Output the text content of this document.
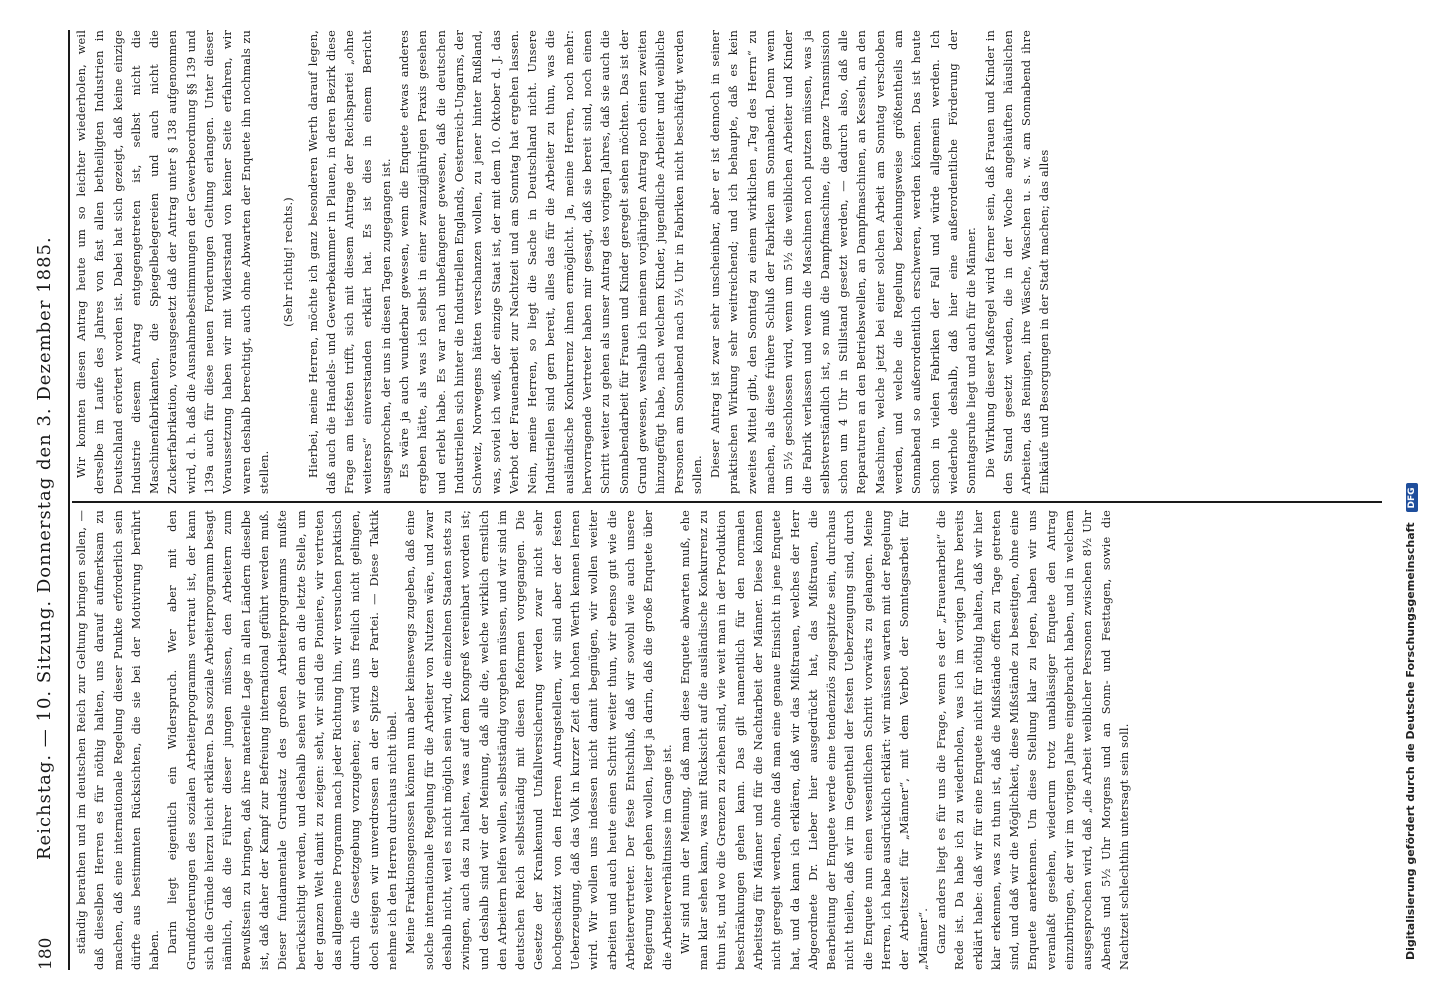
180
Reichstag. — 10. Sitzung. Donnerstag den 3. Dezember 1885. ständig berathen und im deutschen Reich zur Geltung bringen sollen, — daß dieselben Herren es für nöthig halten, uns darauf aufmerksam zu machen, daß eine internationale Regelung dieser Punkte erforderlich sein dürfte aus bestimmten Rücksichten, die sie bei der Motivirung berührt haben. Darin liegt eigentlich ein Widerspruch. Wer aber mit den Grundforderungen des sozialen Arbeiterprogramms vertraut ist, der kann sich die Gründe hierzu leicht erklären. Das soziale Arbeiterprogramm besagt nämlich, daß die Führer dieser jungen müssen, den Arbeitern zum Bewußtsein zu bringen, daß ihre materielle Lage in allen Ländern dieselbe ist, daß daher der Kampf zur Befreiung international geführt werden muß. Dieser fundamentale Grundsatz des großen Arbeiterprogramms mußte berücksichtigt werden, und deshalb sehen wir denn an die letzte Stelle, um der ganzen Welt damit zu zeigen: seht, wir sind die Pioniere, wir vertreten das allgemeine Programm nach jeder Richtung hin, wir versuchen praktisch durch die Gesetzgebung vorzugehen; es wird uns freilich nicht gelingen, doch steigen wir unverdrossen an der Spitze der Partei. — Diese Taktik nehme ich den Herren durchaus nicht übel. Meine Fraktionsgenossen können nun aber keineswegs zugeben, daß eine solche internationale Regelung für die Arbeiter von Nutzen wäre, und zwar deshalb nicht, weil es nicht möglich sein wird, die einzelnen Staaten stets zu zwingen, auch das zu halten, was auf dem Kongreß vereinbart worden ist; und deshalb sind wir der Meinung, daß alle die, welche wirklich ernstlich den Arbeitern helfen wollen, selbstständig vorgehen müssen, und wir sind im deutschen Reich selbstständig mit diesen Reformen vorgegangen. Die Gesetze der Krankenund Unfallversicherung werden zwar nicht sehr hochgeschätzt von den Herren Antragstellern, wir sind aber der festen Ueberzeugung, daß das Volk in kurzer Zeit den hohen Werth kennen lernen wird. Wir wollen uns indessen nicht damit begnügen, wir wollen weiter arbeiten und auch heute einen Schritt weiter thun, wir ebenso gut wie die Arbeitervertreter. Der feste Entschluß, daß wir sowohl wie auch unsere Regierung weiter gehen wollen, liegt ja darin, daß die große Enquete über die Arbeiterverhältnisse im Gange ist. Wir sind nun der Meinung, daß man diese Enquete abwarten muß, ehe man klar sehen kann, was mit Rücksicht auf die ausländische Konkurrenz zu thun ist, und wo die Grenzen zu ziehen sind, wie weit man in der Produktion beschränkungen gehen kann. Das gilt namentlich für den normalen Arbeitstag für Männer und für die Nachtarbeit der Männer. Diese können nicht geregelt werden, ohne daß man eine genaue Einsicht in jene Enquete hat, und da kann ich erklären, daß wir das Mißtrauen, welches der Herr Abgeordnete Dr. Lieber hier ausgedrückt hat, das Mißtrauen, die Bearbeitung der Enquete werde eine tendenziös zugespitzte sein, durchaus nicht theilen, daß wir im Gegentheil der festen Ueberzeugung sind, durch die Enquete nun einen wesentlichen Schritt vorwärts zu gelangen. Meine Herren, ich habe ausdrücklich erklärt: wir müssen warten mit der Regelung der Arbeitszeit für „Männer“, mit dem Verbot der Sonntagsarbeit für „Männer“. Ganz anders liegt es für uns die Frage, wenn es der „Frauenarbeit“ die Rede ist. Da habe ich zu wiederholen, was ich im vorigen Jahre bereits erklärt habe: daß wir für eine Enquete nicht für nöthig halten, daß wir hier klar erkennen, was zu thun ist, daß die Mißstände offen zu Tage getreten sind, und daß wir die Möglichkeit, diese Mißstände zu beseitigen, ohne eine Enquete anerkennen. Um diese Stellung klar zu legen, haben wir uns veranlaßt gesehen, wiederum trotz unablässiger Enquete den Antrag einzubringen, der wir im vorigen Jahre eingebracht haben, und in welchem ausgesprochen wird, daß „die Arbeit weiblicher Personen zwischen 8½ Uhr Abends und 5½ Uhr Morgens und an Sonn- und Festtagen, sowie die Nachtzeit schlechthin untersagt sein soll.

Wir konnten diesen Antrag heute um so leichter wiederholen, weil derselbe im Laufe des Jahres von fast allen betheiligten Industrien in Deutschland erörtert worden ist. Dabei hat sich gezeigt, daß keine einzige Industrie diesem Antrag entgegengetreten ist, selbst nicht die Maschinenfabrikanten, die Spiegelbelegereien und auch nicht die Zuckerfabrikation, vorausgesetzt daß der Antrag unter § 138 aufgenommen wird, d. h. daß die Ausnahmebestimmungen der Gewerbeordnung §§ 139 und 139a auch für diese neuen Forderungen Geltung erlangen. Unter dieser Voraussetzung haben wir mit Widerstand von keiner Seite erfahren, wir waren deshalb berechtigt, auch ohne Abwarten der Enquete ihn nochmals zu stellen.

(Sehr richtig! rechts.) Hierbei, meine Herren, möchte ich ganz besonderen Werth darauf legen, daß auch die Handels- und Gewerbekammer in Plauen, in deren Bezirk diese Frage am tiefsten trifft, sich mit diesem Antrage der Reichspartei „ohne weiteres“ einverstanden erklärt hat. Es ist dies in einem Bericht ausgesprochen, der uns in diesen Tagen zugegangen ist. Es wäre ja auch wunderbar gewesen, wenn die Enquete etwas anderes ergeben hätte, als was ich selbst in einer zwanzigjährigen Praxis gesehen und erlebt habe. Es war nach unbefangener gewesen, daß die deutschen Industriellen sich hinter die Industriellen Englands, Oesterreich-Ungarns, der Schweiz, Norwegens hätten verschanzen wollen, zu jener hinter Rußland, was, soviel ich weiß, der einzige Staat ist, der mit dem 10. Oktober d. J. das Verbot der Frauenarbeit zur Nachtzeit und am Sonntag hat ergehen lassen. Nein, meine Herren, so liegt die Sache in Deutschland nicht. Unsere Industriellen sind gern bereit, alles das für die Arbeiter zu thun, was die ausländische Konkurrenz ihnen ermöglicht. Ja, meine Herren, noch mehr: hervorragende Vertreter haben mir gesagt, daß sie bereit sind, noch einen Schritt weiter zu gehen als unser Antrag des vorigen Jahres, daß sie auch die Sonnabendarbeit für Frauen und Kinder geregelt sehen möchten. Das ist der Grund gewesen, weshalb ich meinem vorjährigen Antrag noch einen zweiten hinzugefügt habe, nach welchem Kinder, jugendliche Arbeiter und weibliche Personen am Sonnabend nach 5½ Uhr in Fabriken nicht beschäftigt werden sollen. Dieser Antrag ist zwar sehr unscheinbar, aber er ist dennoch in seiner praktischen Wirkung sehr weitreichend; und ich behaupte, daß es kein zweites Mittel gibt, den Sonntag zu einem wirklichen „Tag des Herrn“ zu machen, als diese frühere Schluß der Fabriken am Sonnabend. Denn wenn um 5½ geschlossen wird, wenn um 5½ die weiblichen Arbeiter und Kinder die Fabrik verlassen und wenn die Maschinen noch putzen müssen, was ja selbstverständlich ist, so muß die Dampfmaschine, die ganze Transmission schon um 4 Uhr in Stillstand gesetzt werden, — dadurch also, daß alle Reparaturen an den Betriebswellen, an Dampfmaschinen, an Kesseln, an den Maschinen, welche jetzt bei einer solchen Arbeit am Sonntag verschoben werden, und welche die Regelung beziehungsweise größtentheils am Sonnabend so außerordentlich erschweren, werden können. Das ist heute schon in vielen Fabriken der Fall und würde allgemein werden. Ich wiederhole deshalb, daß hier eine außerordentliche Förderung der Sonntagsruhe liegt und auch für die Männer. Die Wirkung dieser Maßregel wird ferner sein, daß Frauen und Kinder in den Stand gesetzt werden, die in der Woche angehäuften häuslichen Arbeiten, das Reinigen, ihre Wäsche, Waschen u. s. w. am Sonnabend ihre Einkäufe und Besorgungen in der Stadt machen; das alles

Digitalisierung gefördert durch die Deutsche Forschungsgemeinschaft DFG
